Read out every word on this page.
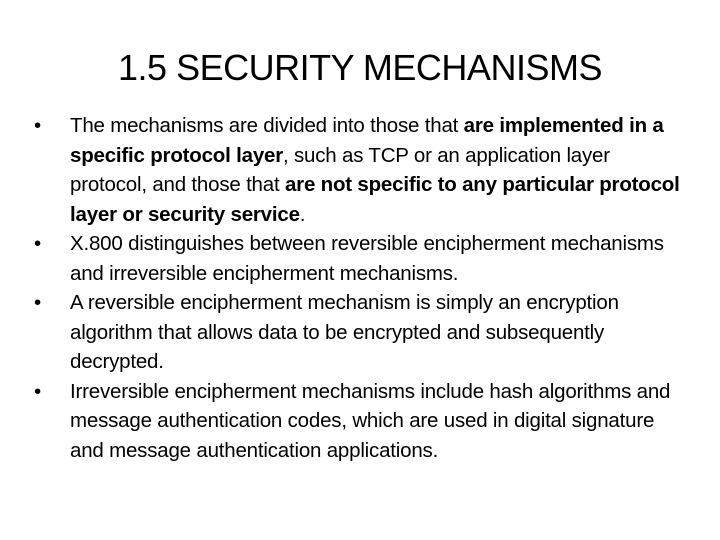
1.5 SECURITY MECHANISMS
•	The mechanisms are divided into those that are implemented in a specific protocol layer, such as TCP or an application layer protocol, and those that are not specific to any particular protocol layer or security service.
•	X.800 distinguishes between reversible encipherment mechanisms and irreversible encipherment mechanisms.
•	A reversible encipherment mechanism is simply an encryption algorithm that allows data to be encrypted and subsequently decrypted.
•	Irreversible encipherment mechanisms include hash algorithms and message authentication codes, which are used in digital signature and message authentication applications.
